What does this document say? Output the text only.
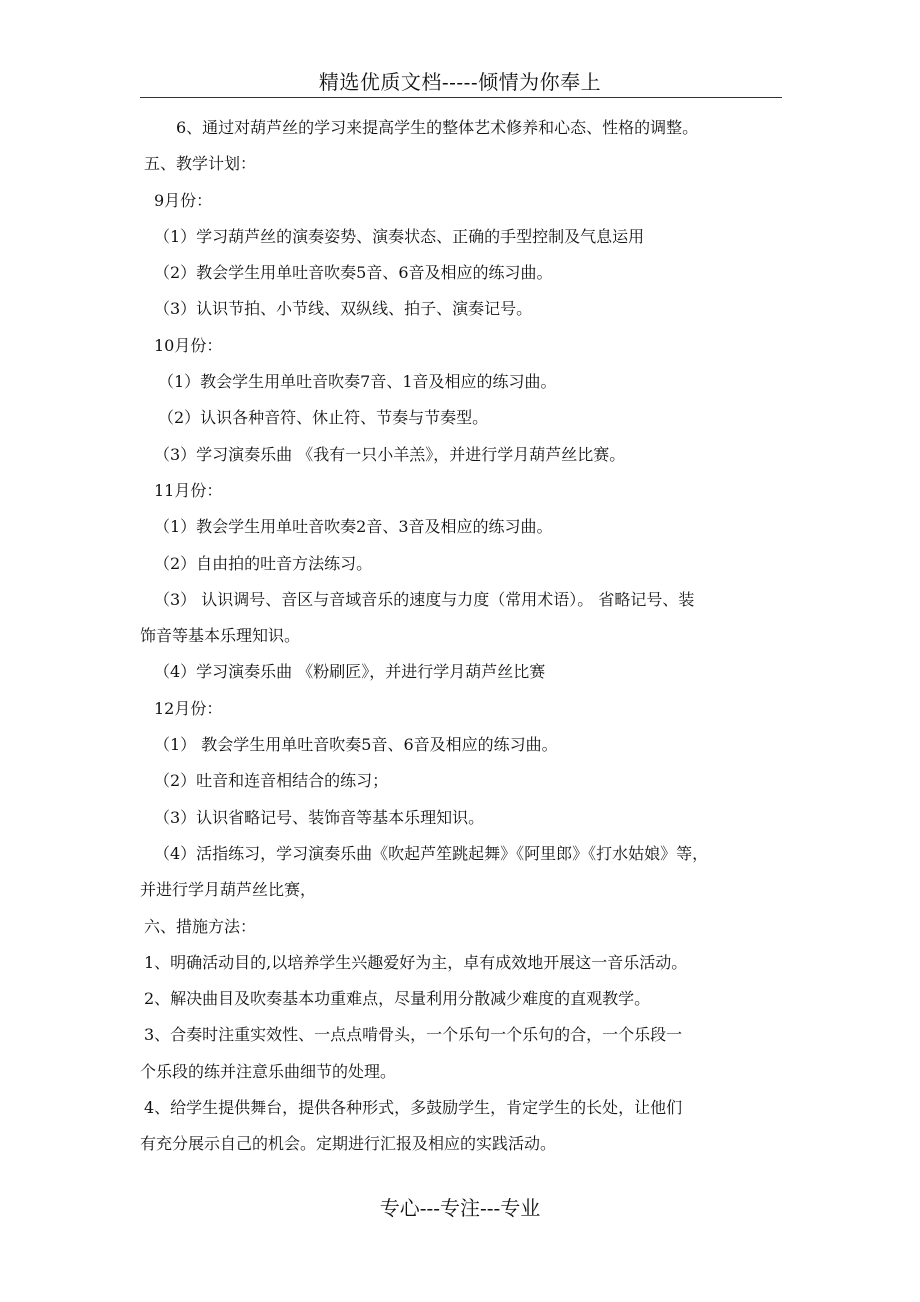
精选优质文档-----倾情为你奉上
6、通过对葫芦丝的学习来提高学生的整体艺术修养和心态、性格的调整。
五、教学计划：
9月份：
（1）学习葫芦丝的演奏姿势、演奏状态、正确的手型控制及气息运用
（2）教会学生用单吐音吹奏5音、6音及相应的练习曲。
（3）认识节拍、小节线、双纵线、拍子、演奏记号。
10月份：
（1）教会学生用单吐音吹奏7音、1音及相应的练习曲。
（2）认识各种音符、休止符、节奏与节奏型。
（3）学习演奏乐曲 《我有一只小羊羔》，并进行学月葫芦丝比赛。
11月份：
（1）教会学生用单吐音吹奏2音、3音及相应的练习曲。
（2）自由拍的吐音方法练习。
（3） 认识调号、音区与音域音乐的速度与力度（常用术语）。 省略记号、装
饰音等基本乐理知识。
（4）学习演奏乐曲 《粉刷匠》，并进行学月葫芦丝比赛
12月份：
（1） 教会学生用单吐音吹奏5音、6音及相应的练习曲。
（2）吐音和连音相结合的练习；
（3）认识省略记号、装饰音等基本乐理知识。
（4）活指练习，学习演奏乐曲《吹起芦笙跳起舞》《阿里郎》《打水姑娘》等，
并进行学月葫芦丝比赛，
六、措施方法：
1、明确活动目的,以培养学生兴趣爱好为主，卓有成效地开展这一音乐活动。
2、解决曲目及吹奏基本功重难点，尽量利用分散减少难度的直观教学。
3、合奏时注重实效性、一点点啃骨头，一个乐句一个乐句的合，一个乐段一
个乐段的练并注意乐曲细节的处理。
4、给学生提供舞台，提供各种形式，多鼓励学生，肯定学生的长处，让他们
有充分展示自己的机会。定期进行汇报及相应的实践活动。
专心---专注---专业
